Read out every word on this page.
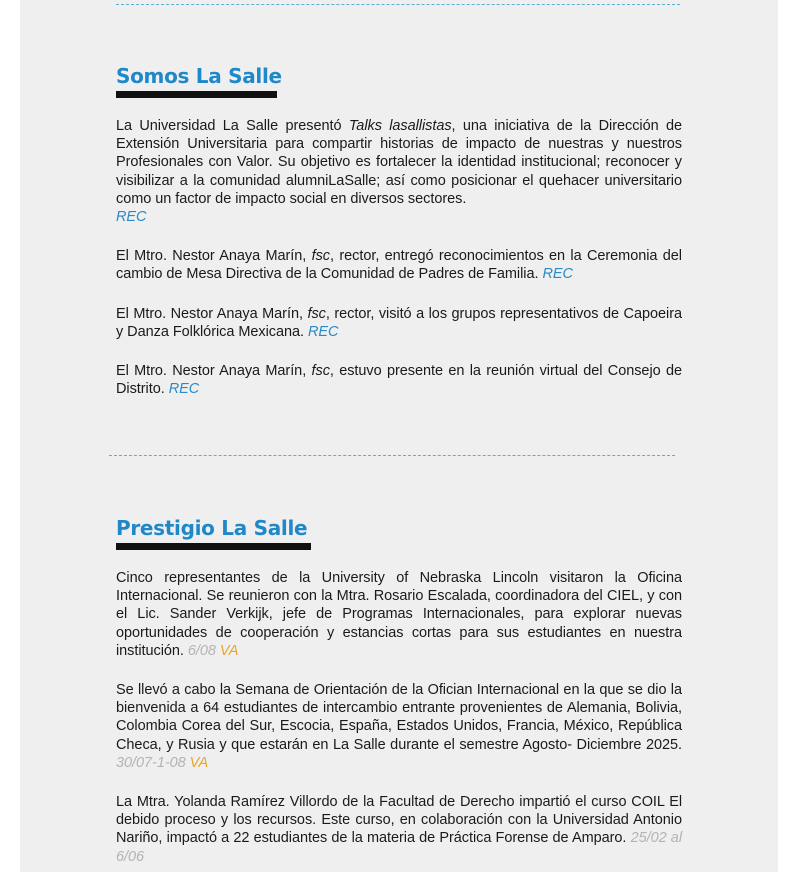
Somos La Salle

La Universidad La Salle presentó Talks lasallistas, una iniciativa de la Dirección de Extensión Universitaria para compartir historias de impacto de nuestras y nuestros Profesionales con Valor. Su objetivo es fortalecer la identidad institucional; reconocer y visibilizar a la comunidad alumniLaSalle; así como posicionar el quehacer universitario como un factor de impacto social en diversos sectores.
REC

El Mtro. Nestor Anaya Marín, fsc, rector, entregó reconocimientos en la Ceremonia del cambio de Mesa Directiva de la Comunidad de Padres de Familia. REC

El Mtro. Nestor Anaya Marín, fsc, rector, visitó a los grupos representativos de Capoeira y Danza Folklórica Mexicana. REC

El Mtro. Nestor Anaya Marín, fsc, estuvo presente en la reunión virtual del Consejo de Distrito. REC

Prestigio La Salle

Cinco representantes de la University of Nebraska Lincoln visitaron la Oficina Internacional. Se reunieron con la Mtra. Rosario Escalada, coordinadora del CIEL, y con el Lic. Sander Verkijk, jefe de Programas Internacionales, para explorar nuevas oportunidades de cooperación y estancias cortas para sus estudiantes en nuestra institución. 6/08 VA

Se llevó a cabo la Semana de Orientación de la Ofician Internacional en la que se dio la bienvenida a 64 estudiantes de intercambio entrante provenientes de Alemania, Bolivia, Colombia Corea del Sur, Escocia, España, Estados Unidos, Francia, México, República Checa, y Rusia y que estarán en La Salle durante el semestre Agosto- Diciembre 2025. 30/07-1-08 VA

La Mtra. Yolanda Ramírez Villordo de la Facultad de Derecho impartió el curso COIL El debido proceso y los recursos. Este curso, en colaboración con la Universidad Antonio Nariño, impactó a 22 estudiantes de la materia de Práctica Forense de Amparo. 25/02 al 6/06
